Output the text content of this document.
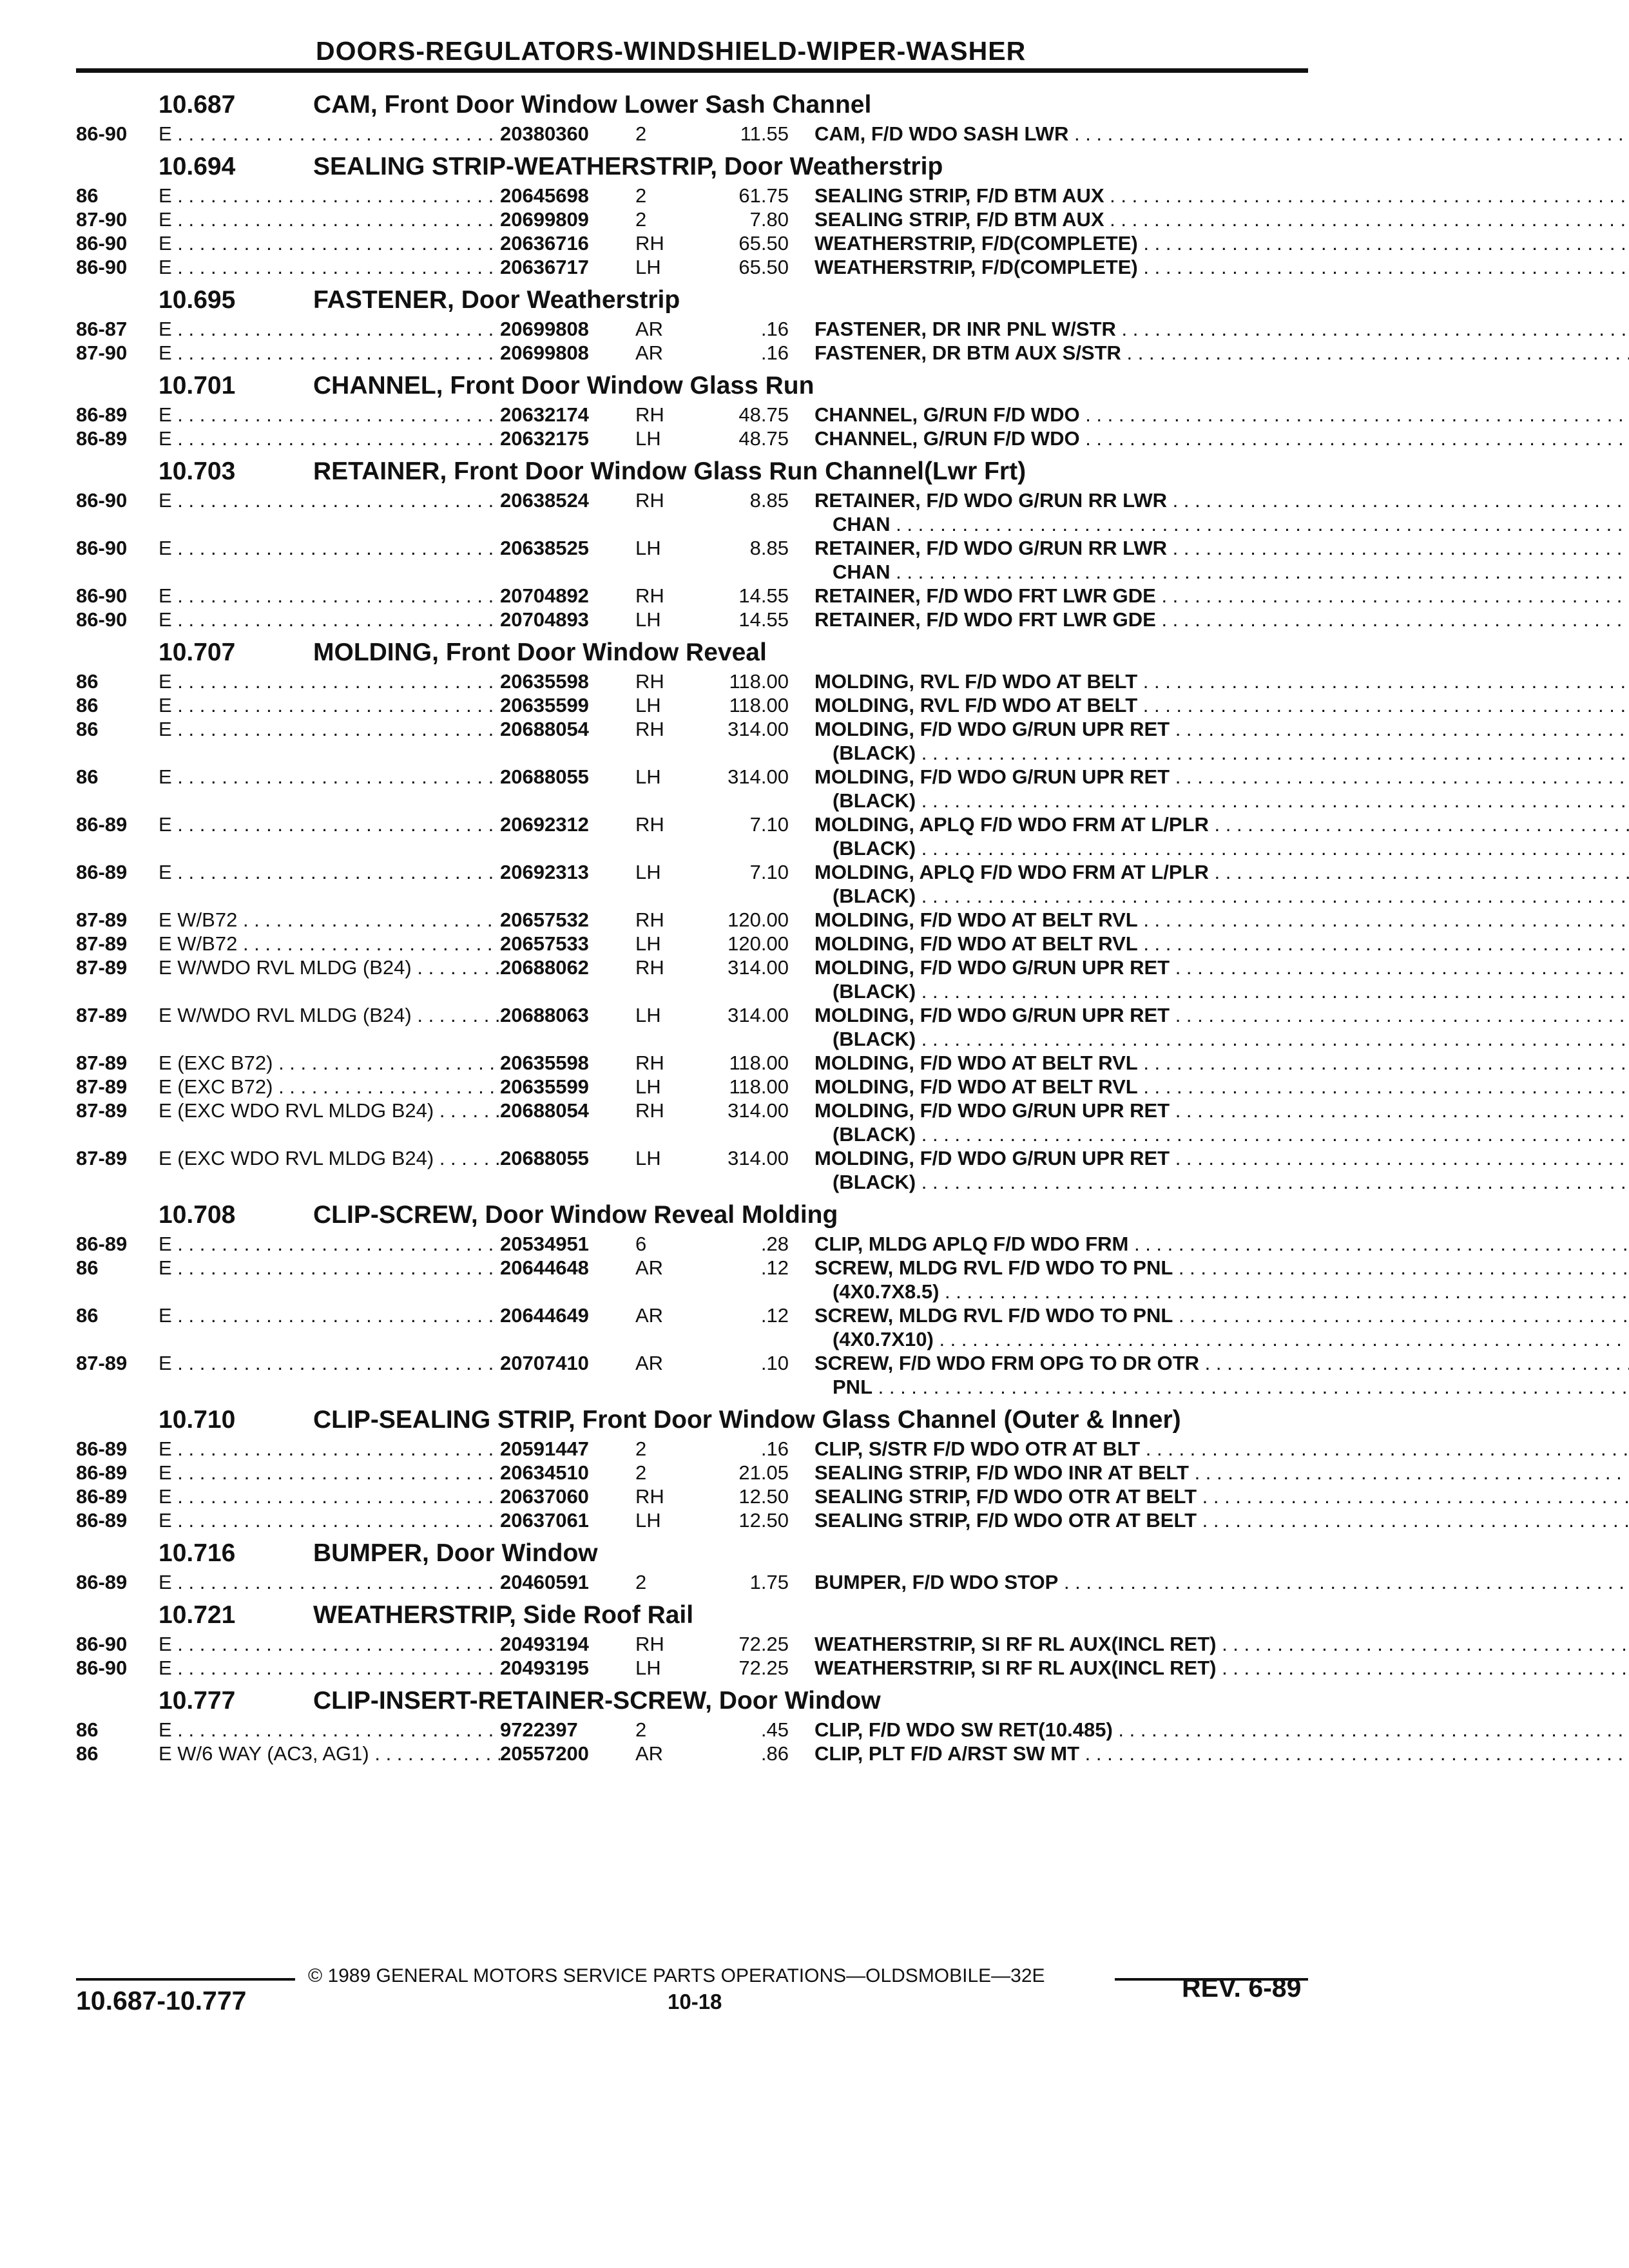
DOORS-REGULATORS-WINDSHIELD-WIPER-WASHER
10.687	CAM, Front Door Window Lower Sash Channel
86-90	E . . .	20380360	2	11.55	CAM, F/D WDO SASH LWR . . .
10.694	SEALING STRIP-WEATHERSTRIP, Door Weatherstrip
86	E . . .	20645698	2	61.75	SEALING STRIP, F/D BTM AUX . . .
87-90	E . . .	20699809	2	7.80	SEALING STRIP, F/D BTM AUX . . .
86-90	E . . .	20636716	RH	65.50	WEATHERSTRIP, F/D(COMPLETE) . . .
86-90	E . . .	20636717	LH	65.50	WEATHERSTRIP, F/D(COMPLETE) . . .
10.695	FASTENER, Door Weatherstrip
86-87	E . . .	20699808	AR	.16	FASTENER, DR INR PNL W/STR . . .
87-90	E . . .	20699808	AR	.16	FASTENER, DR BTM AUX S/STR . . .
10.701	CHANNEL, Front Door Window Glass Run
86-89	E . . .	20632174	RH	48.75	CHANNEL, G/RUN F/D WDO . . .
86-89	E . . .	20632175	LH	48.75	CHANNEL, G/RUN F/D WDO . . .
10.703	RETAINER, Front Door Window Glass Run Channel(Lwr Frt)
86-90	E . . .	20638524	RH	8.85	RETAINER, F/D WDO G/RUN RR LWR . . .
CHAN . . .
86-90	E . . .	20638525	LH	8.85	RETAINER, F/D WDO G/RUN RR LWR . . .
CHAN . . .
86-90	E . . .	20704892	RH	14.55	RETAINER, F/D WDO FRT LWR GDE . . .
86-90	E . . .	20704893	LH	14.55	RETAINER, F/D WDO FRT LWR GDE . . .
10.707	MOLDING, Front Door Window Reveal
86	E . . .	20635598	RH	118.00	MOLDING, RVL F/D WDO AT BELT . . .
86	E . . .	20635599	LH	118.00	MOLDING, RVL F/D WDO AT BELT . . .
86	E . . .	20688054	RH	314.00	MOLDING, F/D WDO G/RUN UPR RET . . .
(BLACK) . . .
86	E . . .	20688055	LH	314.00	MOLDING, F/D WDO G/RUN UPR RET . . .
(BLACK) . . .
86-89	E . . .	20692312	RH	7.10	MOLDING, APLQ F/D WDO FRM AT L/PLR . . .
(BLACK) . . .
86-89	E . . .	20692313	LH	7.10	MOLDING, APLQ F/D WDO FRM AT L/PLR . . .
(BLACK) . . .
87-89	E W/B72 . . .	20657532	RH	120.00	MOLDING, F/D WDO AT BELT RVL . . .
87-89	E W/B72 . . .	20657533	LH	120.00	MOLDING, F/D WDO AT BELT RVL . . .
87-89	E W/WDO RVL MLDG (B24) . . .	20688062	RH	314.00	MOLDING, F/D WDO G/RUN UPR RET . . .
(BLACK) . . .
87-89	E W/WDO RVL MLDG (B24) . . .	20688063	LH	314.00	MOLDING, F/D WDO G/RUN UPR RET . . .
(BLACK) . . .
87-89	E (EXC B72) . . .	20635598	RH	118.00	MOLDING, F/D WDO AT BELT RVL . . .
87-89	E (EXC B72) . . .	20635599	LH	118.00	MOLDING, F/D WDO AT BELT RVL . . .
87-89	E (EXC WDO RVL MLDG B24) . . .	20688054	RH	314.00	MOLDING, F/D WDO G/RUN UPR RET . . .
(BLACK) . . .
87-89	E (EXC WDO RVL MLDG B24) . . .	20688055	LH	314.00	MOLDING, F/D WDO G/RUN UPR RET . . .
(BLACK) . . .
10.708	CLIP-SCREW, Door Window Reveal Molding
86-89	E . . .	20534951	6	.28	CLIP, MLDG APLQ F/D WDO FRM . . .
86	E . . .	20644648	AR	.12	SCREW, MLDG RVL F/D WDO TO PNL . . .
(4X0.7X8.5) . . .
86	E . . .	20644649	AR	.12	SCREW, MLDG RVL F/D WDO TO PNL . . .
(4X0.7X10) . . .
87-89	E . . .	20707410	AR	.10	SCREW, F/D WDO FRM OPG TO DR OTR . . .
PNL . . .
10.710	CLIP-SEALING STRIP, Front Door Window Glass Channel (Outer & Inner)
86-89	E . . .	20591447	2	.16	CLIP, S/STR F/D WDO OTR AT BLT . . .
86-89	E . . .	20634510	2	21.05	SEALING STRIP, F/D WDO INR AT BELT . . .
86-89	E . . .	20637060	RH	12.50	SEALING STRIP, F/D WDO OTR AT BELT . . .
86-89	E . . .	20637061	LH	12.50	SEALING STRIP, F/D WDO OTR AT BELT . . .
10.716	BUMPER, Door Window
86-89	E . . .	20460591	2	1.75	BUMPER, F/D WDO STOP . . .
10.721	WEATHERSTRIP, Side Roof Rail
86-90	E . . .	20493194	RH	72.25	WEATHERSTRIP, SI RF RL AUX(INCL RET) . . .
86-90	E . . .	20493195	LH	72.25	WEATHERSTRIP, SI RF RL AUX(INCL RET) . . .
10.777	CLIP-INSERT-RETAINER-SCREW, Door Window
86	E . . .	9722397	2	.45	CLIP, F/D WDO SW RET(10.485) . . .
86	E W/6 WAY (AC3, AG1) . . .	20557200	AR	.86	CLIP, PLT F/D A/RST SW MT . . .
© 1989 GENERAL MOTORS SERVICE PARTS OPERATIONS—OLDSMOBILE—32E
10.687-10.777	10-18	REV. 6-89
